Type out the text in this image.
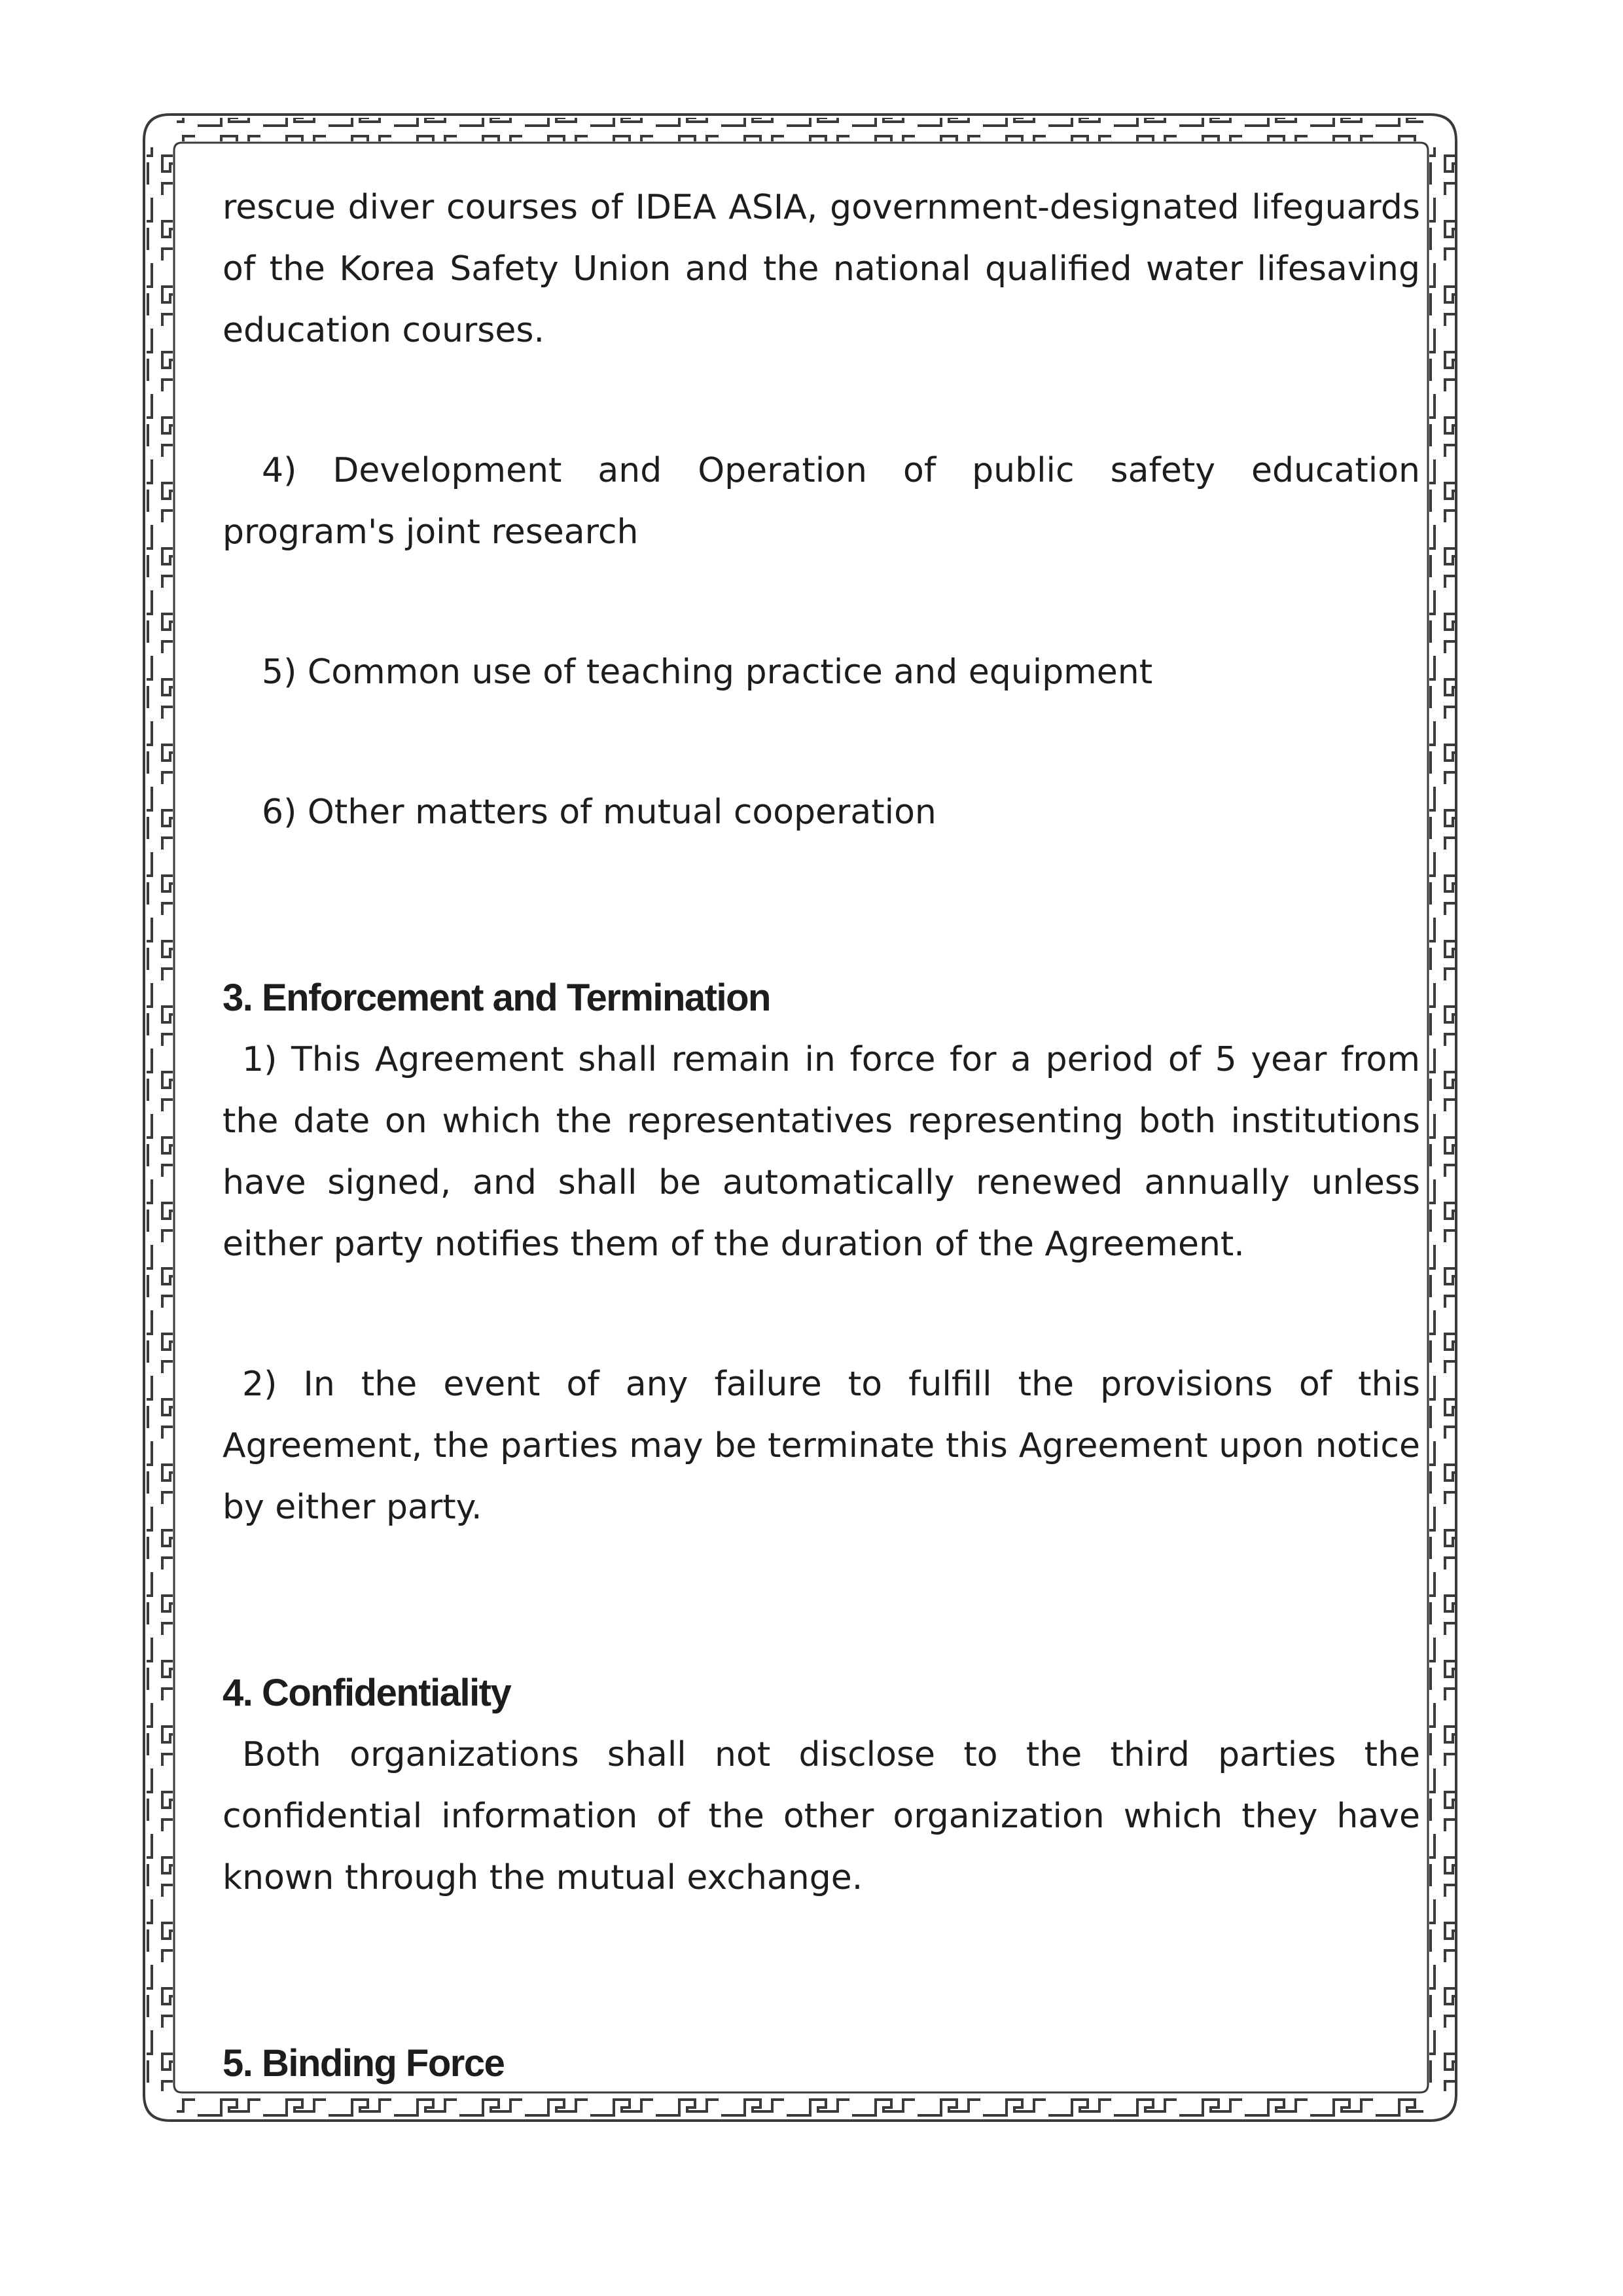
rescue diver courses of IDEA ASIA, government-designated lifeguards of the Korea Safety Union and the national qualified water lifesaving education courses.

4) Development and Operation of public safety education program's joint research

5) Common use of teaching practice and equipment

6) Other matters of mutual cooperation

3. Enforcement and Termination

1) This Agreement shall remain in force for a period of 5 year from the date on which the representatives representing both institutions have signed, and shall be automatically renewed annually unless either party notifies them of the duration of the Agreement.

2) In the event of any failure to fulfill the provisions of this Agreement, the parties may be terminate this Agreement upon notice by either party.

4. Confidentiality

Both organizations shall not disclose to the third parties the confidential information of the other organization which they have known through the mutual exchange.

5. Binding Force
